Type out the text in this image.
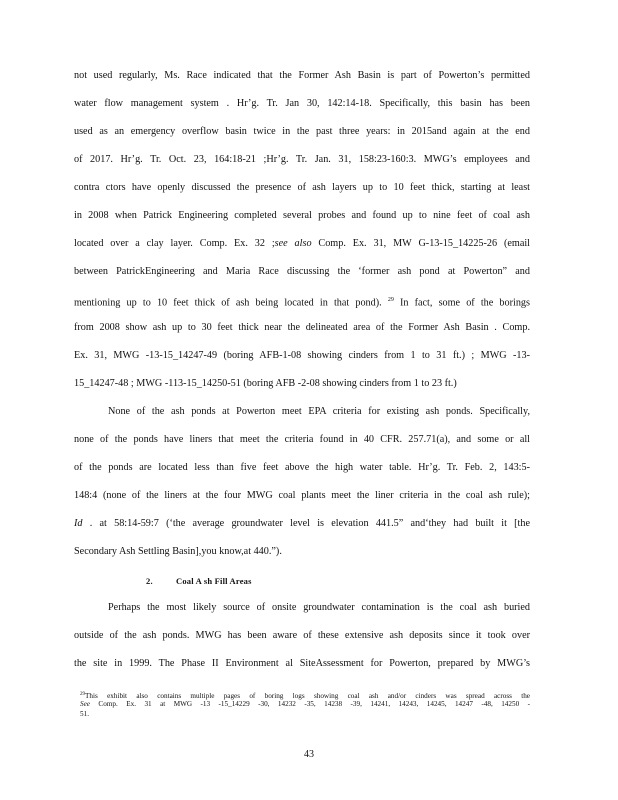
not used regularly, Ms. Race indicated that the Former Ash Basin is part of Powerton’s permitted
water flow management system . Hr’g. Tr. Jan 30, 142:14-18. Specifically, this basin has been
used as an emergency overflow basin twice in the past three years: in 2015and again at the end
of 2017. Hr’g. Tr. Oct. 23, 164:18-21 ;Hr’g. Tr. Jan. 31, 158:23-160:3. MWG’s employees and
contra ctors have openly discussed the presence of ash layers up to 10 feet thick, starting at least
in 2008 when Patrick Engineering completed several probes and found up to nine feet of coal ash
located over a clay layer. Comp. Ex. 32 ;see also Comp. Ex. 31, MW G-13-15_14225-26 (email
between PatrickEngineering and Maria Race discussing the ‘former ash pond at Powerton” and
mentioning up to 10 feet thick of ash being located in that pond). $^{29}$ In fact, some of the borings
from 2008 show ash up to 30 feet thick near the delineated area of the Former Ash Basin . Comp.
Ex. 31, MWG -13-15_14247-49 (boring AFB-1-08 showing cinders from 1 to 31 ft.) ; MWG -13-
15_14247-48 ; MWG -113-15_14250-51 (boring AFB -2-08 showing cinders from 1 to 23 ft.)
None of the ash ponds at Powerton meet EPA criteria for existing ash ponds. Specifically,
none of the ponds have liners that meet the criteria found in 40 CFR. 257.71(a), and some or all
of the ponds are located less than five feet above the high water table. Hr’g. Tr. Feb. 2, 143:5-
148:4 (none of the liners at the four MWG coal plants meet the liner criteria in the coal ash rule);
Id . at 58:14-59:7 (‘the average groundwater level is elevation 441.5” and‘they had built it [the
Secondary Ash Settling Basin],you know,at 440.”).
2.	Coal A sh Fill Areas
Perhaps the most likely source of onsite groundwater contamination is the coal ash buried
outside of the ash ponds. MWG has been aware of these extensive ash deposits since it took over
the site in 1999. The Phase II Environment al SiteAssessment for Powerton, prepared by MWG’s
$^{29}$This exhibit also contains multiple pages of boring logs showing coal ash and/or cinders was spread across the
See Comp. Ex. 31 at MWG -13 -15_14229 -30, 14232 -35, 14238 -39, 14241, 14243, 14245, 14247 -48, 14250 -
51.
43
